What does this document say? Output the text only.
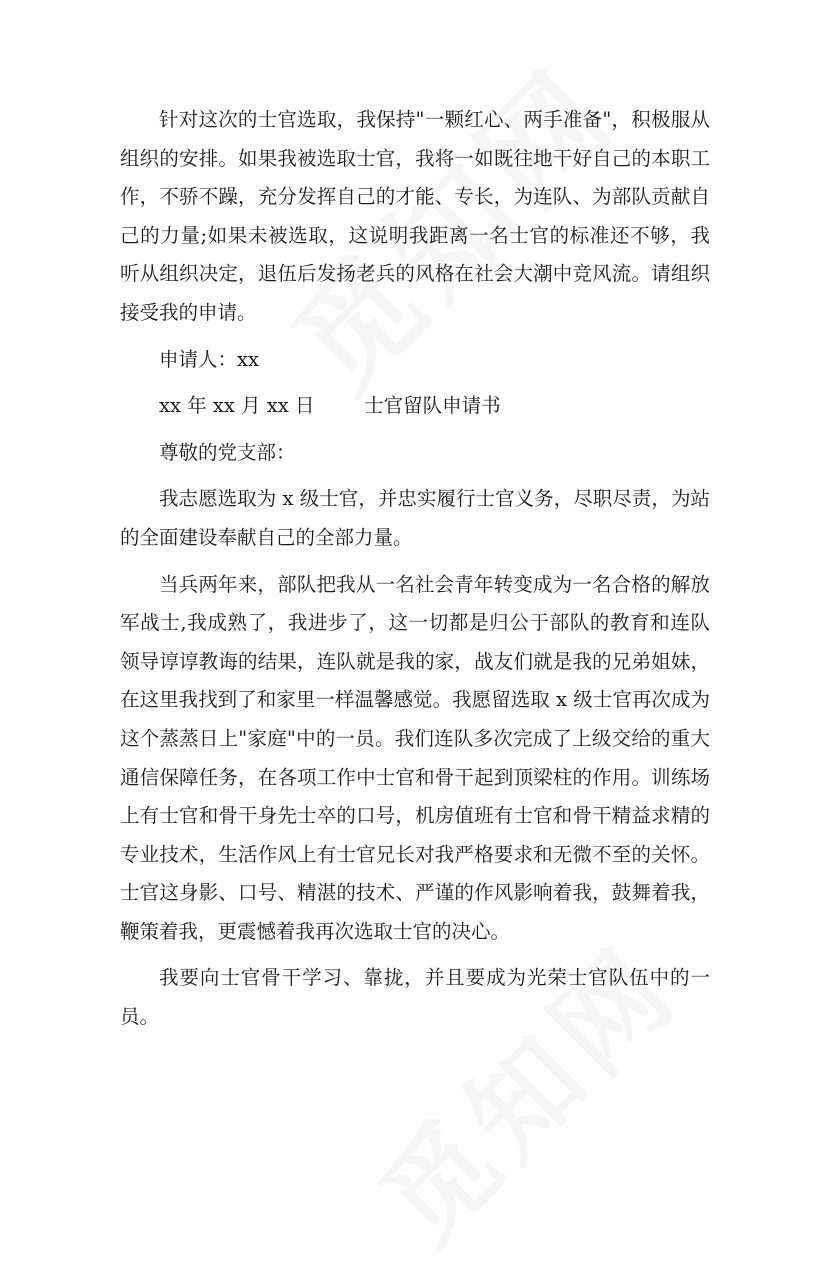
针对这次的士官选取，我保持"一颗红心、两手准备"，积极服从组织的安排。如果我被选取士官，我将一如既往地干好自己的本职工作，不骄不躁，充分发挥自己的才能、专长，为连队、为部队贡献自己的力量;如果未被选取，这说明我距离一名士官的标准还不够，我听从组织决定，退伍后发扬老兵的风格在社会大潮中竞风流。请组织接受我的申请。

申请人：xx

xx 年 xx 月 xx 日        士官留队申请书

尊敬的党支部：

我志愿选取为 x 级士官，并忠实履行士官义务，尽职尽责，为站的全面建设奉献自己的全部力量。

当兵两年来，部队把我从一名社会青年转变成为一名合格的解放军战士,我成熟了，我进步了，这一切都是归公于部队的教育和连队领导谆谆教诲的结果，连队就是我的家，战友们就是我的兄弟姐妹，在这里我找到了和家里一样温馨感觉。我愿留选取 x 级士官再次成为这个蒸蒸日上"家庭"中的一员。我们连队多次完成了上级交给的重大通信保障任务，在各项工作中士官和骨干起到顶梁柱的作用。训练场上有士官和骨干身先士卒的口号，机房值班有士官和骨干精益求精的专业技术，生活作风上有士官兄长对我严格要求和无微不至的关怀。士官这身影、口号、精湛的技术、严谨的作风影响着我，鼓舞着我，鞭策着我，更震憾着我再次选取士官的决心。

我要向士官骨干学习、靠拢，并且要成为光荣士官队伍中的一员。
